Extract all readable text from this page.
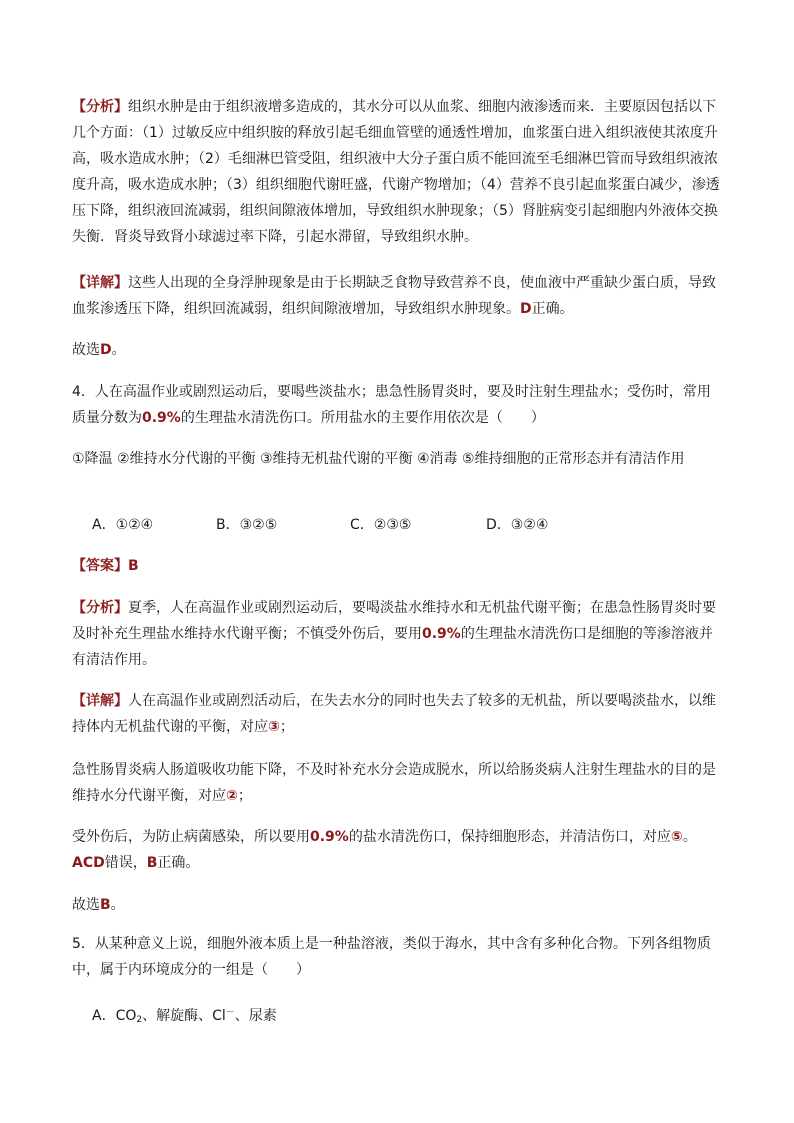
【分析】组织水肿是由于组织液增多造成的，其水分可以从血浆、细胞内液渗透而来．主要原因包括以下几个方面：（1）过敏反应中组织胺的释放引起毛细血管壁的通透性增加，血浆蛋白进入组织液使其浓度升高，吸水造成水肿；（2）毛细淋巴管受阻，组织液中大分子蛋白质不能回流至毛细淋巴管而导致组织液浓度升高，吸水造成水肿；（3）组织细胞代谢旺盛，代谢产物增加；（4）营养不良引起血浆蛋白减少，渗透压下降，组织液回流减弱，组织间隙液体增加，导致组织水肿现象；（5）肾脏病变引起细胞内外液体交换失衡．肾炎导致肾小球滤过率下降，引起水滞留，导致组织水肿。

【详解】这些人出现的全身浮肿现象是由于长期缺乏食物导致营养不良，使血液中严重缺少蛋白质，导致血浆渗透压下降，组织回流减弱，组织间隙液增加，导致组织水肿现象。D正确。

故选D。

4．人在高温作业或剧烈运动后，要喝些淡盐水；患急性肠胃炎时，要及时注射生理盐水；受伤时，常用质量分数为0.9%的生理盐水清洗伤口。所用盐水的主要作用依次是（　　）

①降温 ②维持水分代谢的平衡 ③维持无机盐代谢的平衡 ④消毒 ⑤维持细胞的正常形态并有清洁作用

A．①②④	B．③②⑤	C．②③⑤	D．③②④

【答案】B

【分析】夏季，人在高温作业或剧烈运动后，要喝淡盐水维持水和无机盐代谢平衡；在患急性肠胃炎时要及时补充生理盐水维持水代谢平衡；不慎受外伤后，要用0.9%的生理盐水清洗伤口是细胞的等渗溶液并有清洁作用。

【详解】人在高温作业或剧烈活动后，在失去水分的同时也失去了较多的无机盐，所以要喝淡盐水，以维持体内无机盐代谢的平衡，对应③；

急性肠胃炎病人肠道吸收功能下降，不及时补充水分会造成脱水，所以给肠炎病人注射生理盐水的目的是维持水分代谢平衡，对应②；

受外伤后，为防止病菌感染，所以要用0.9%的盐水清洗伤口，保持细胞形态，并清洁伤口，对应⑤。ACD错误，B正确。

故选B。

5．从某种意义上说，细胞外液本质上是一种盐溶液，类似于海水，其中含有多种化合物。下列各组物质中，属于内环境成分的一组是（　　）

A．$CO_2$、解旋酶、Cl－、尿素
